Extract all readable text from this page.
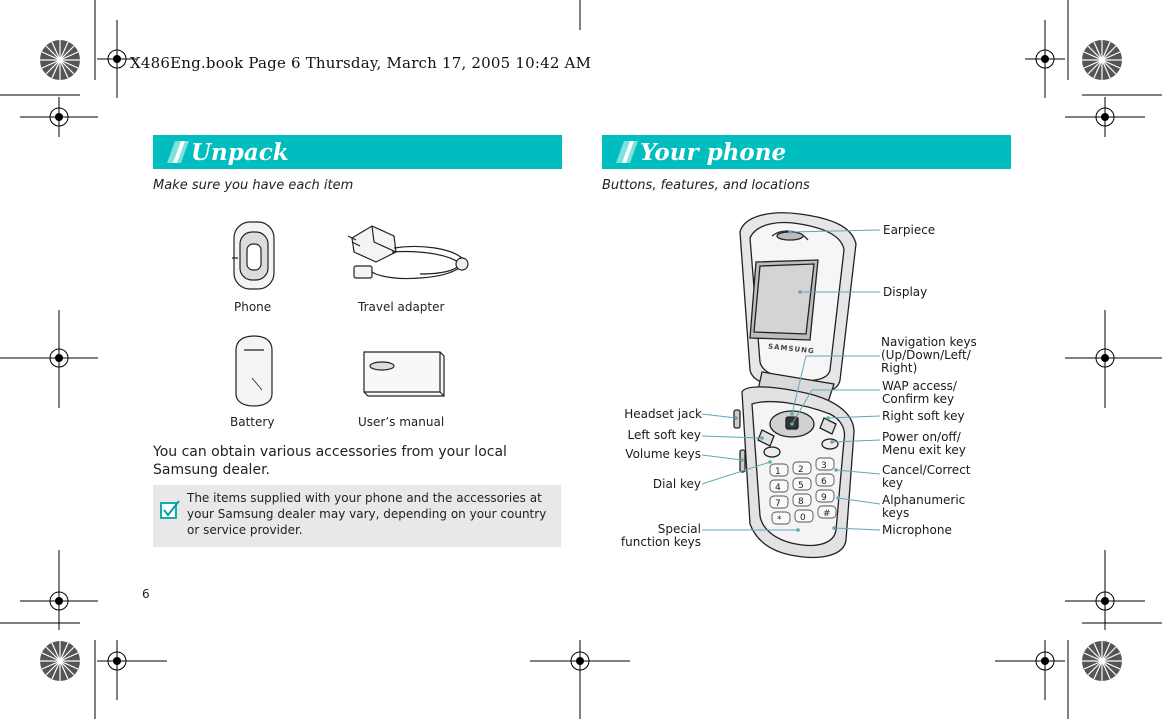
X486Eng.book Page 6 Thursday, March 17, 2005 10:42 AM
Unpack
Make sure you have each item
Phone	Travel adapter
Battery	User’s manual
You can obtain various accessories from your local Samsung dealer.
The items supplied with your phone and the accessories at your Samsung dealer may vary, depending on your country or service provider.
6
Your phone
Buttons, features, and locations
1 2 3
4 5 6
7 8 9
* 0 #
SAMSUNG
Earpiece
Display
Navigation keys
(Up/Down/Left/
Right)
WAP access/
Confirm key
Right soft key
Power on/off/
Menu exit key
Cancel/Correct
key
Alphanumeric
keys
Microphone
Headset jack
Left soft key
Volume keys
Dial key
Special
function keys
